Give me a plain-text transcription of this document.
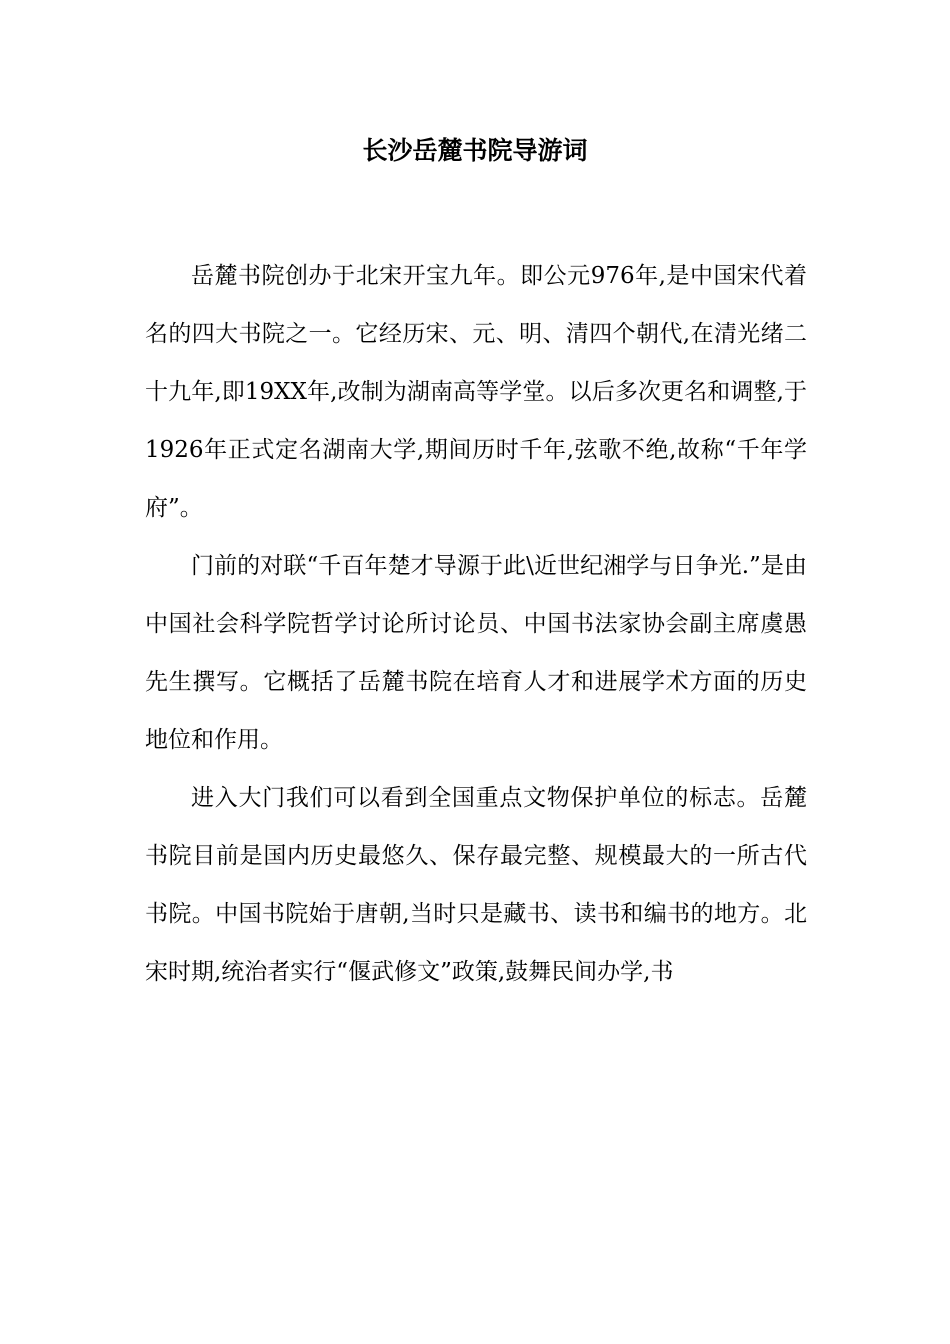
长沙岳麓书院导游词

岳麓书院创办于北宋开宝九年。即公元976年,是中国宋代着名的四大书院之一。它经历宋、元、明、清四个朝代,在清光绪二十九年,即19XX年,改制为湖南高等学堂。以后多次更名和调整,于1926年正式定名湖南大学,期间历时千年,弦歌不绝,故称“千年学府”。

门前的对联“千百年楚才导源于此\近世纪湘学与日争光.”是由中国社会科学院哲学讨论所讨论员、中国书法家协会副主席虞愚先生撰写。它概括了岳麓书院在培育人才和进展学术方面的历史地位和作用。

进入大门我们可以看到全国重点文物保护单位的标志。岳麓书院目前是国内历史最悠久、保存最完整、规模最大的一所古代书院。中国书院始于唐朝,当时只是藏书、读书和编书的地方。北宋时期,统治者实行“偃武修文”政策,鼓舞民间办学,书
